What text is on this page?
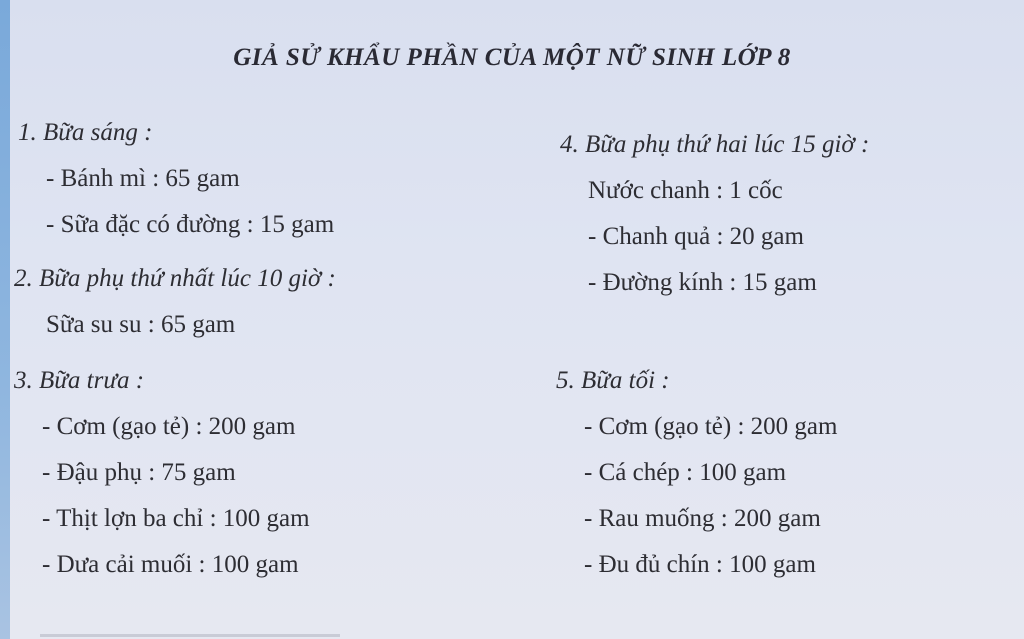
GIẢ SỬ KHẨU PHẦN CỦA MỘT NỮ SINH LỚP 8
1. Bữa sáng :
- Bánh mì : 65 gam
- Sữa đặc có đường : 15 gam
2. Bữa phụ thứ nhất lúc 10 giờ :
Sữa su su : 65 gam
3. Bữa trưa :
- Cơm (gạo tẻ) : 200 gam
- Đậu phụ : 75 gam
- Thịt lợn ba chỉ : 100 gam
- Dưa cải muối : 100 gam
4. Bữa phụ thứ hai lúc 15 giờ :
Nước chanh : 1 cốc
- Chanh quả : 20 gam
- Đường kính : 15 gam
5. Bữa tối :
- Cơm (gạo tẻ) : 200 gam
- Cá chép : 100 gam
- Rau muống : 200 gam
- Đu đủ chín : 100 gam
